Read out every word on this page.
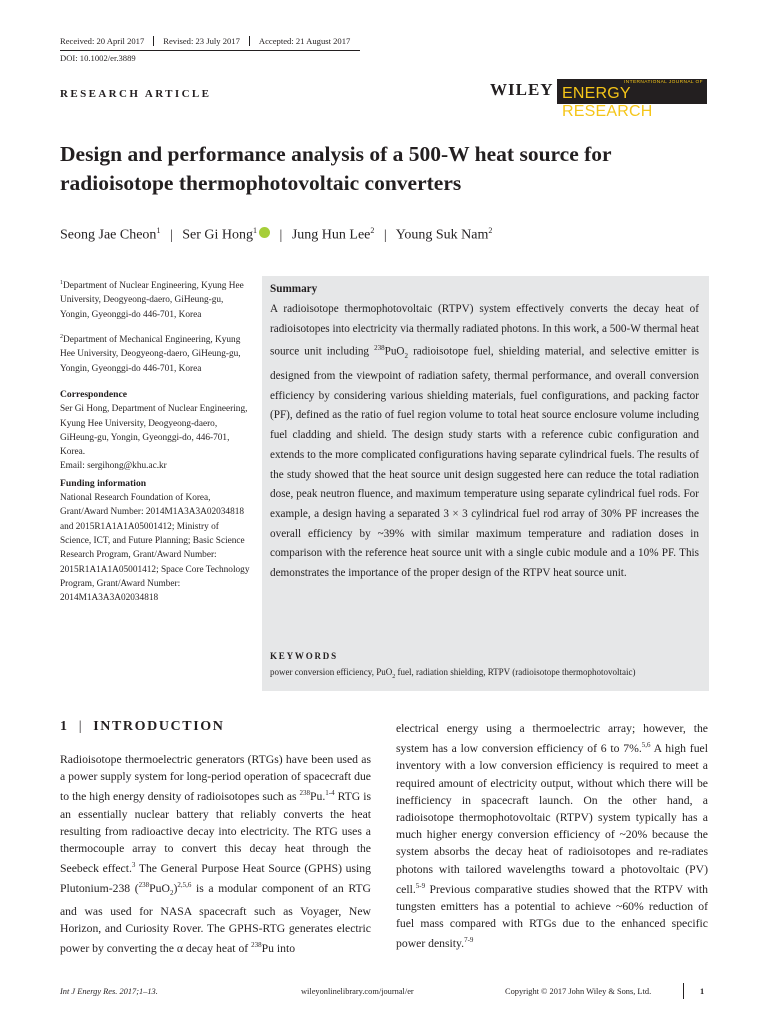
Received: 20 April 2017	Revised: 23 July 2017	Accepted: 21 August 2017
DOI: 10.1002/er.3889
RESEARCH ARTICLE	WILEY	INTERNATIONAL JOURNAL OF
ENERGY RESEARCH
Design and performance analysis of a 500-W heat source for
radioisotope thermophotovoltaic converters
Seong Jae Cheon$^1$ | Ser Gi Hong$^1$ | Jung Hun Lee$^2$ | Young Suk Nam$^2$

$^1$Department of Nuclear Engineering, Kyung Hee University, Deogyeong-daero, GiHeung-gu, Yongin, Gyeonggi-do 446-701, Korea

$^2$Department of Mechanical Engineering, Kyung Hee University, Deogyeong-daero, GiHeung-gu, Yongin, Gyeonggi-do 446-701, Korea

Correspondence
Ser Gi Hong, Department of Nuclear Engineering, Kyung Hee University, Deogyeong-daero, GiHeung-gu, Yongin, Gyeonggi-do, 446-701, Korea.
Email: sergihong@khu.ac.kr
Funding information
National Research Foundation of Korea, Grant/Award Number: 2014M1A3A3A02034818 and 2015R1A1A1A05001412; Ministry of Science, ICT, and Future Planning; Basic Science Research Program, Grant/Award Number: 2015R1A1A1A05001412; Space Core Technology Program, Grant/Award Number: 2014M1A3A3A02034818
Summary
A radioisotope thermophotovoltaic (RTPV) system effectively converts the decay heat of radioisotopes into electricity via thermally radiated photons. In this work, a 500-W thermal heat source unit including $^{238}$PuO$_2$ radioisotope fuel, shielding material, and selective emitter is designed from the viewpoint of radiation safety, thermal performance, and overall conversion efficiency by considering various shielding materials, fuel configurations, and packing factor (PF), defined as the ratio of fuel region volume to total heat source enclosure volume including fuel cladding and shield. The design study starts with a reference cubic configuration and extends to the more complicated configurations having separate cylindrical fuels. The results of the study showed that the heat source unit design suggested here can reduce the total radiation dose, peak neutron fluence, and maximum temperature using separate cylindrical fuel rods. For example, a design having a separated 3 × 3 cylindrical fuel rod array of 30% PF increases the overall efficiency by ~39% with similar maximum temperature and radiation doses in comparison with the reference heat source unit with a single cubic module and a 10% PF. This demonstrates the importance of the proper design of the RTPV heat source unit.
KEYWORDS
power conversion efficiency, PuO$_2$ fuel, radiation shielding, RTPV (radioisotope thermophotovoltaic)
1 | INTRODUCTION
Radioisotope thermoelectric generators (RTGs) have been used as a power supply system for long-period operation of spacecraft due to the high energy density of radioisotopes such as $^{238}$Pu.$^{1-4}$ RTG is an essentially nuclear battery that reliably converts the heat resulting from radioactive decay into electricity. The RTG uses a thermocouple array to convert this decay heat through the Seebeck effect.$^3$ The General Purpose Heat Source (GPHS) using Plutonium-238 $(^{238}PuO_2)^{2,5,6}$ is a modular component of an RTG and was used for NASA spacecraft such as Voyager, New Horizon, and Curiosity Rover. The GPHS-RTG generates electric power by converting the α decay heat of $^{238}$Pu into
electrical energy using a thermoelectric array; however, the system has a low conversion efficiency of 6 to 7%.$^{5,6}$ A high fuel inventory with a low conversion efficiency is required to meet a required amount of electricity output, without which there will be inefficiency in spacecraft launch. On the other hand, a radioisotope thermophotovoltaic (RTPV) system typically has a much higher energy conversion efficiency of ~20% because the system absorbs the decay heat of radioisotopes and re-radiates photons with tailored wavelengths toward a photovoltaic (PV) cell.$^{5-9}$ Previous comparative studies showed that the RTPV with tungsten emitters has a potential to achieve ~60% reduction of fuel mass compared with RTGs due to the enhanced specific power density.$^{7-9}$
Int J Energy Res. 2017;1–13.	wileyonlinelibrary.com/journal/er	Copyright © 2017 John Wiley & Sons, Ltd.	1
